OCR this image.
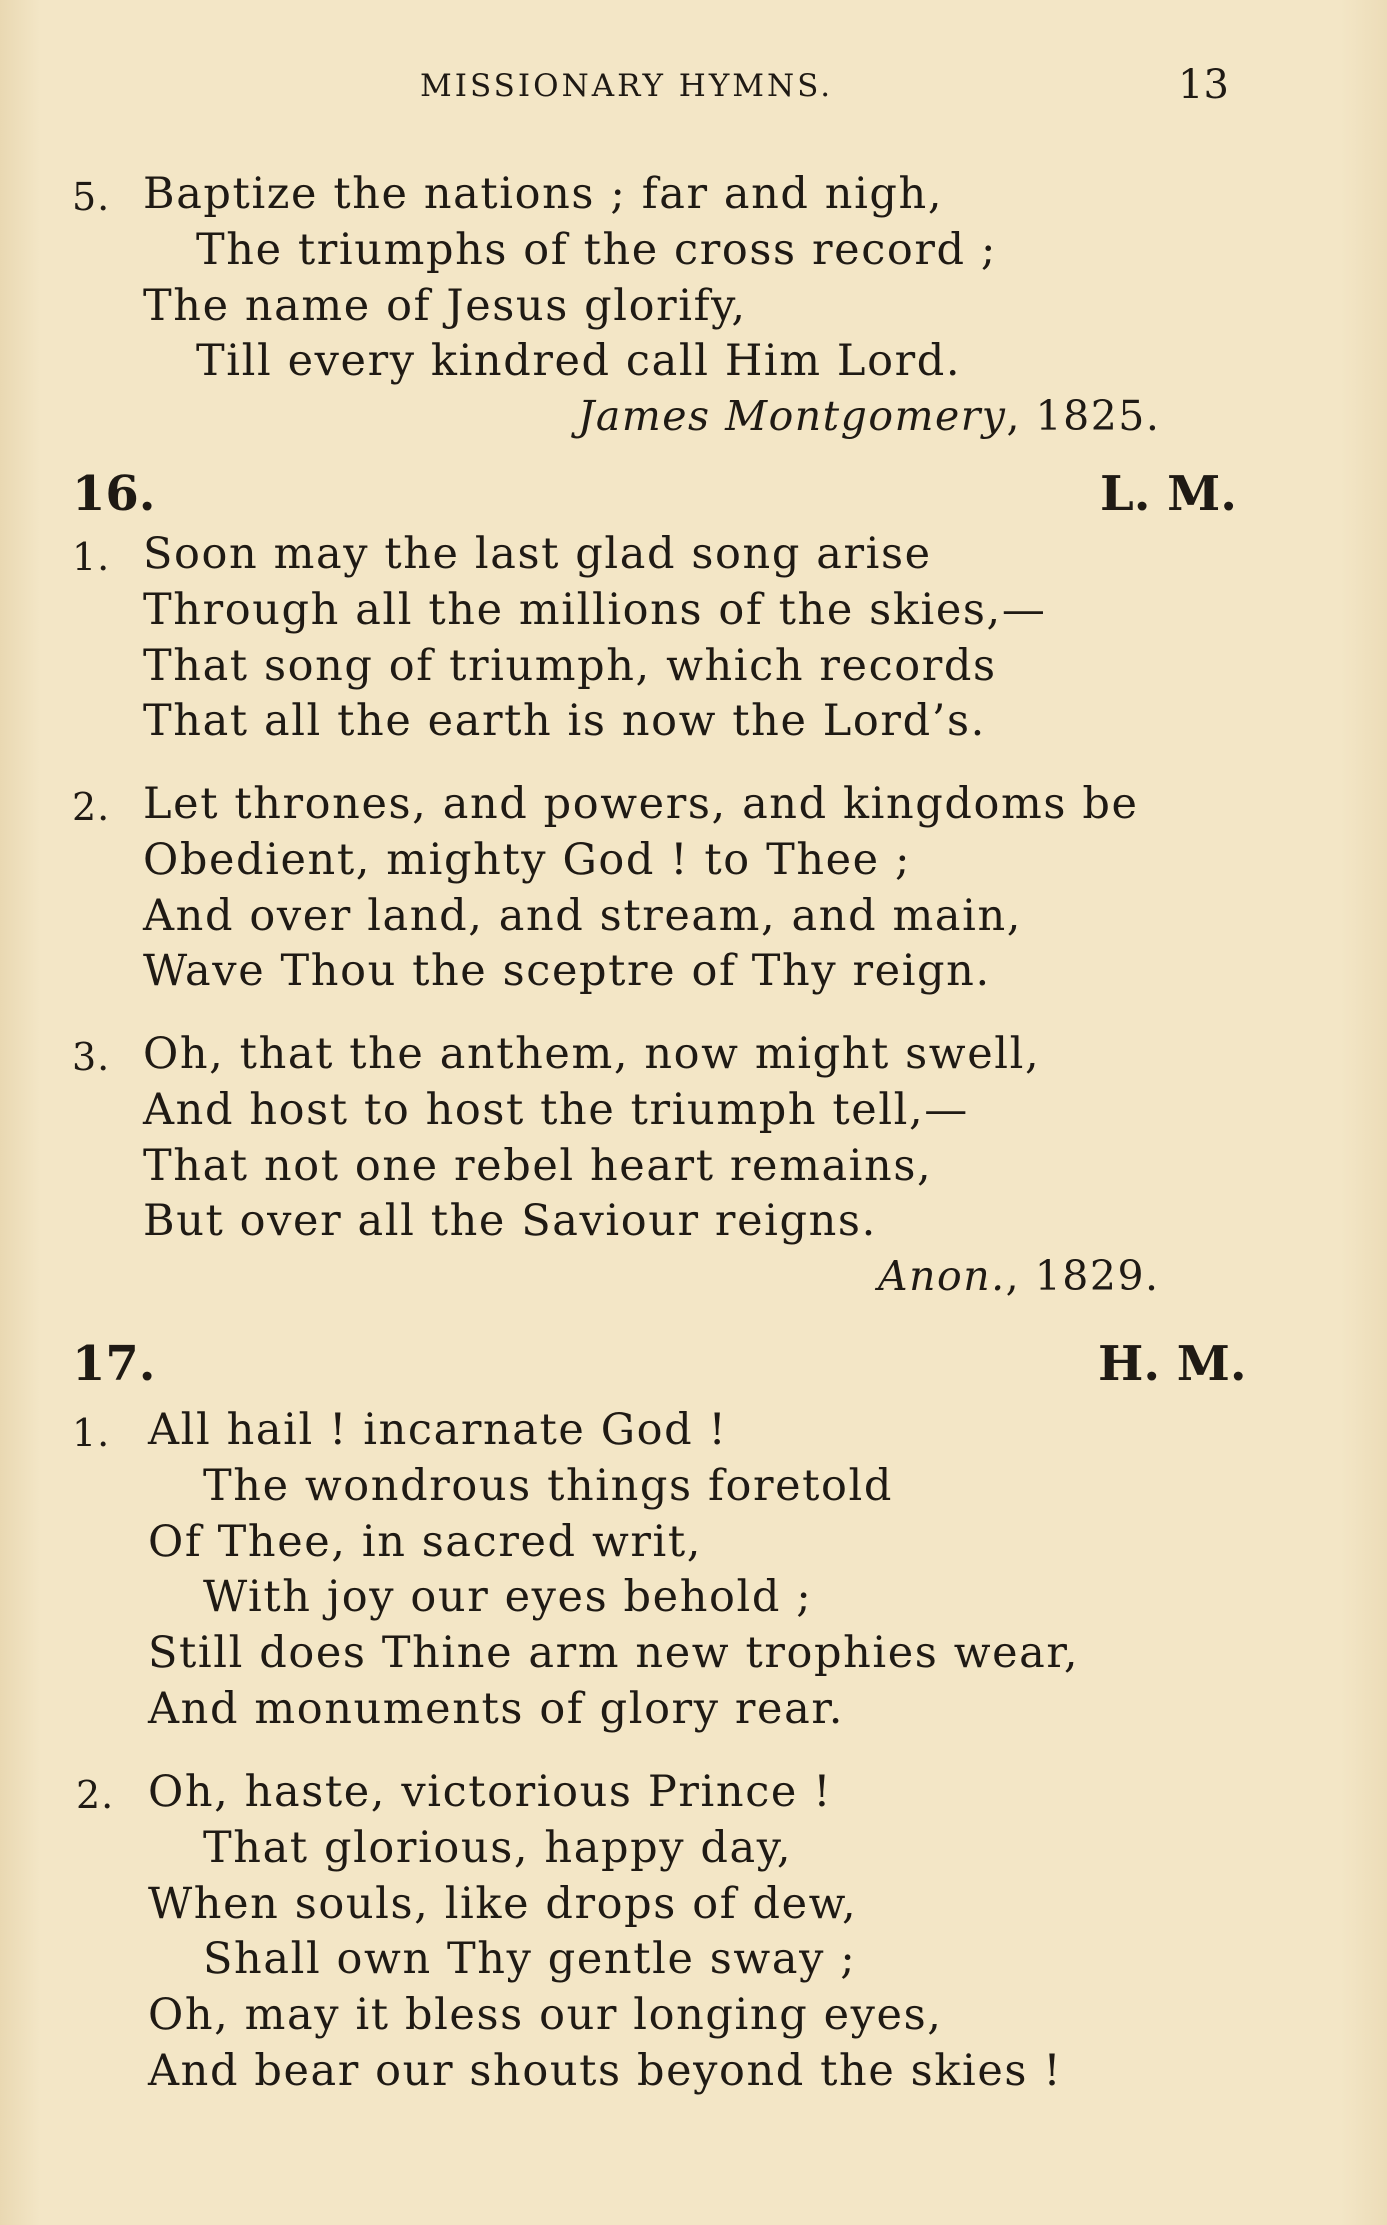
MISSIONARY HYMNS.	13
5. Baptize the nations ; far and nigh,
The triumphs of the cross record ;
The name of Jesus glorify,
Till every kindred call Him Lord.
James Montgomery, 1825.
16.	L. M.
1. Soon may the last glad song arise
Through all the millions of the skies,—
That song of triumph, which records
That all the earth is now the Lord’s.
2. Let thrones, and powers, and kingdoms be
Obedient, mighty God ! to Thee ;
And over land, and stream, and main,
Wave Thou the sceptre of Thy reign.
3. Oh, that the anthem, now might swell,
And host to host the triumph tell,—
That not one rebel heart remains,
But over all the Saviour reigns.
Anon., 1829.
17.	H. M.
1. All hail ! incarnate God !
The wondrous things foretold
Of Thee, in sacred writ,
With joy our eyes behold ;
Still does Thine arm new trophies wear,
And monuments of glory rear.
2. Oh, haste, victorious Prince !
That glorious, happy day,
When souls, like drops of dew,
Shall own Thy gentle sway ;
Oh, may it bless our longing eyes,
And bear our shouts beyond the skies !
